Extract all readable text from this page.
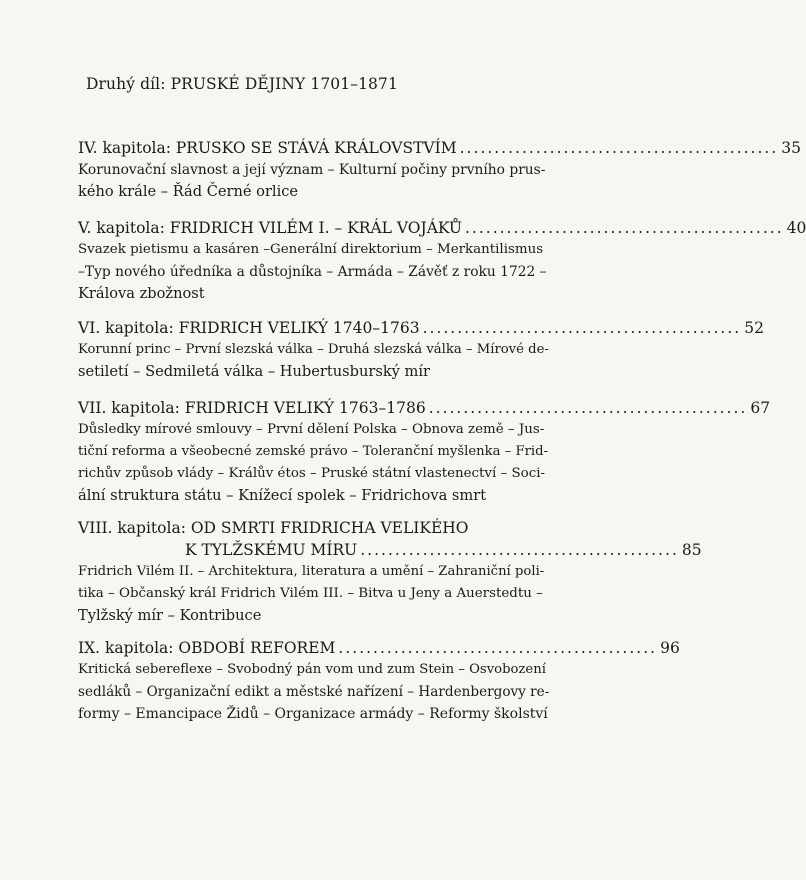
Druhý díl: PRUSKÉ DĚJINY 1701–1871
IV. kapitola: PRUSKO SE STÁVÁ KRÁLOVSTVÍM .............................................. 35
Korunovační slavnost a její význam – Kulturní počiny prvního prus-
kého krále – Řád Černé orlice
V. kapitola: FRIDRICH VILÉM I. – KRÁL VOJÁKŮ .............................................. 40
Svazek pietismu a kasáren –Generální direktorium – Merkantilismus
–Typ nového úředníka a důstojníka – Armáda – Závěť z roku 1722 –
Králova zbožnost
VI. kapitola: FRIDRICH VELIKÝ 1740–1763 .............................................. 52
Korunní princ – První slezská válka – Druhá slezská válka – Mírové de-
setiletí – Sedmiletá válka – Hubertusburský mír
VII. kapitola: FRIDRICH VELIKÝ 1763–1786 .............................................. 67
Důsledky mírové smlouvy – První dělení Polska – Obnova země – Jus-
tiční reforma a všeobecné zemské právo – Toleranční myšlenka – Frid-
richův způsob vlády – Králův étos – Pruské státní vlastenectví – Soci-
ální struktura státu – Knížecí spolek – Fridrichova smrt
VIII. kapitola: OD SMRTI FRIDRICHA VELIKÉHO
K TYLŽSKÉMU MÍRU .............................................. 85
Fridrich Vilém II. – Architektura, literatura a umění – Zahraniční poli-
tika – Občanský král Fridrich Vilém III. – Bitva u Jeny a Auerstedtu –
Tylžský mír – Kontribuce
IX. kapitola: OBDOBÍ REFOREM .............................................. 96
Kritická sebereflexe – Svobodný pán vom und zum Stein – Osvobození
sedláků – Organizační edikt a městské nařízení – Hardenbergovy re-
formy – Emancipace Židů – Organizace armády – Reformy školství
